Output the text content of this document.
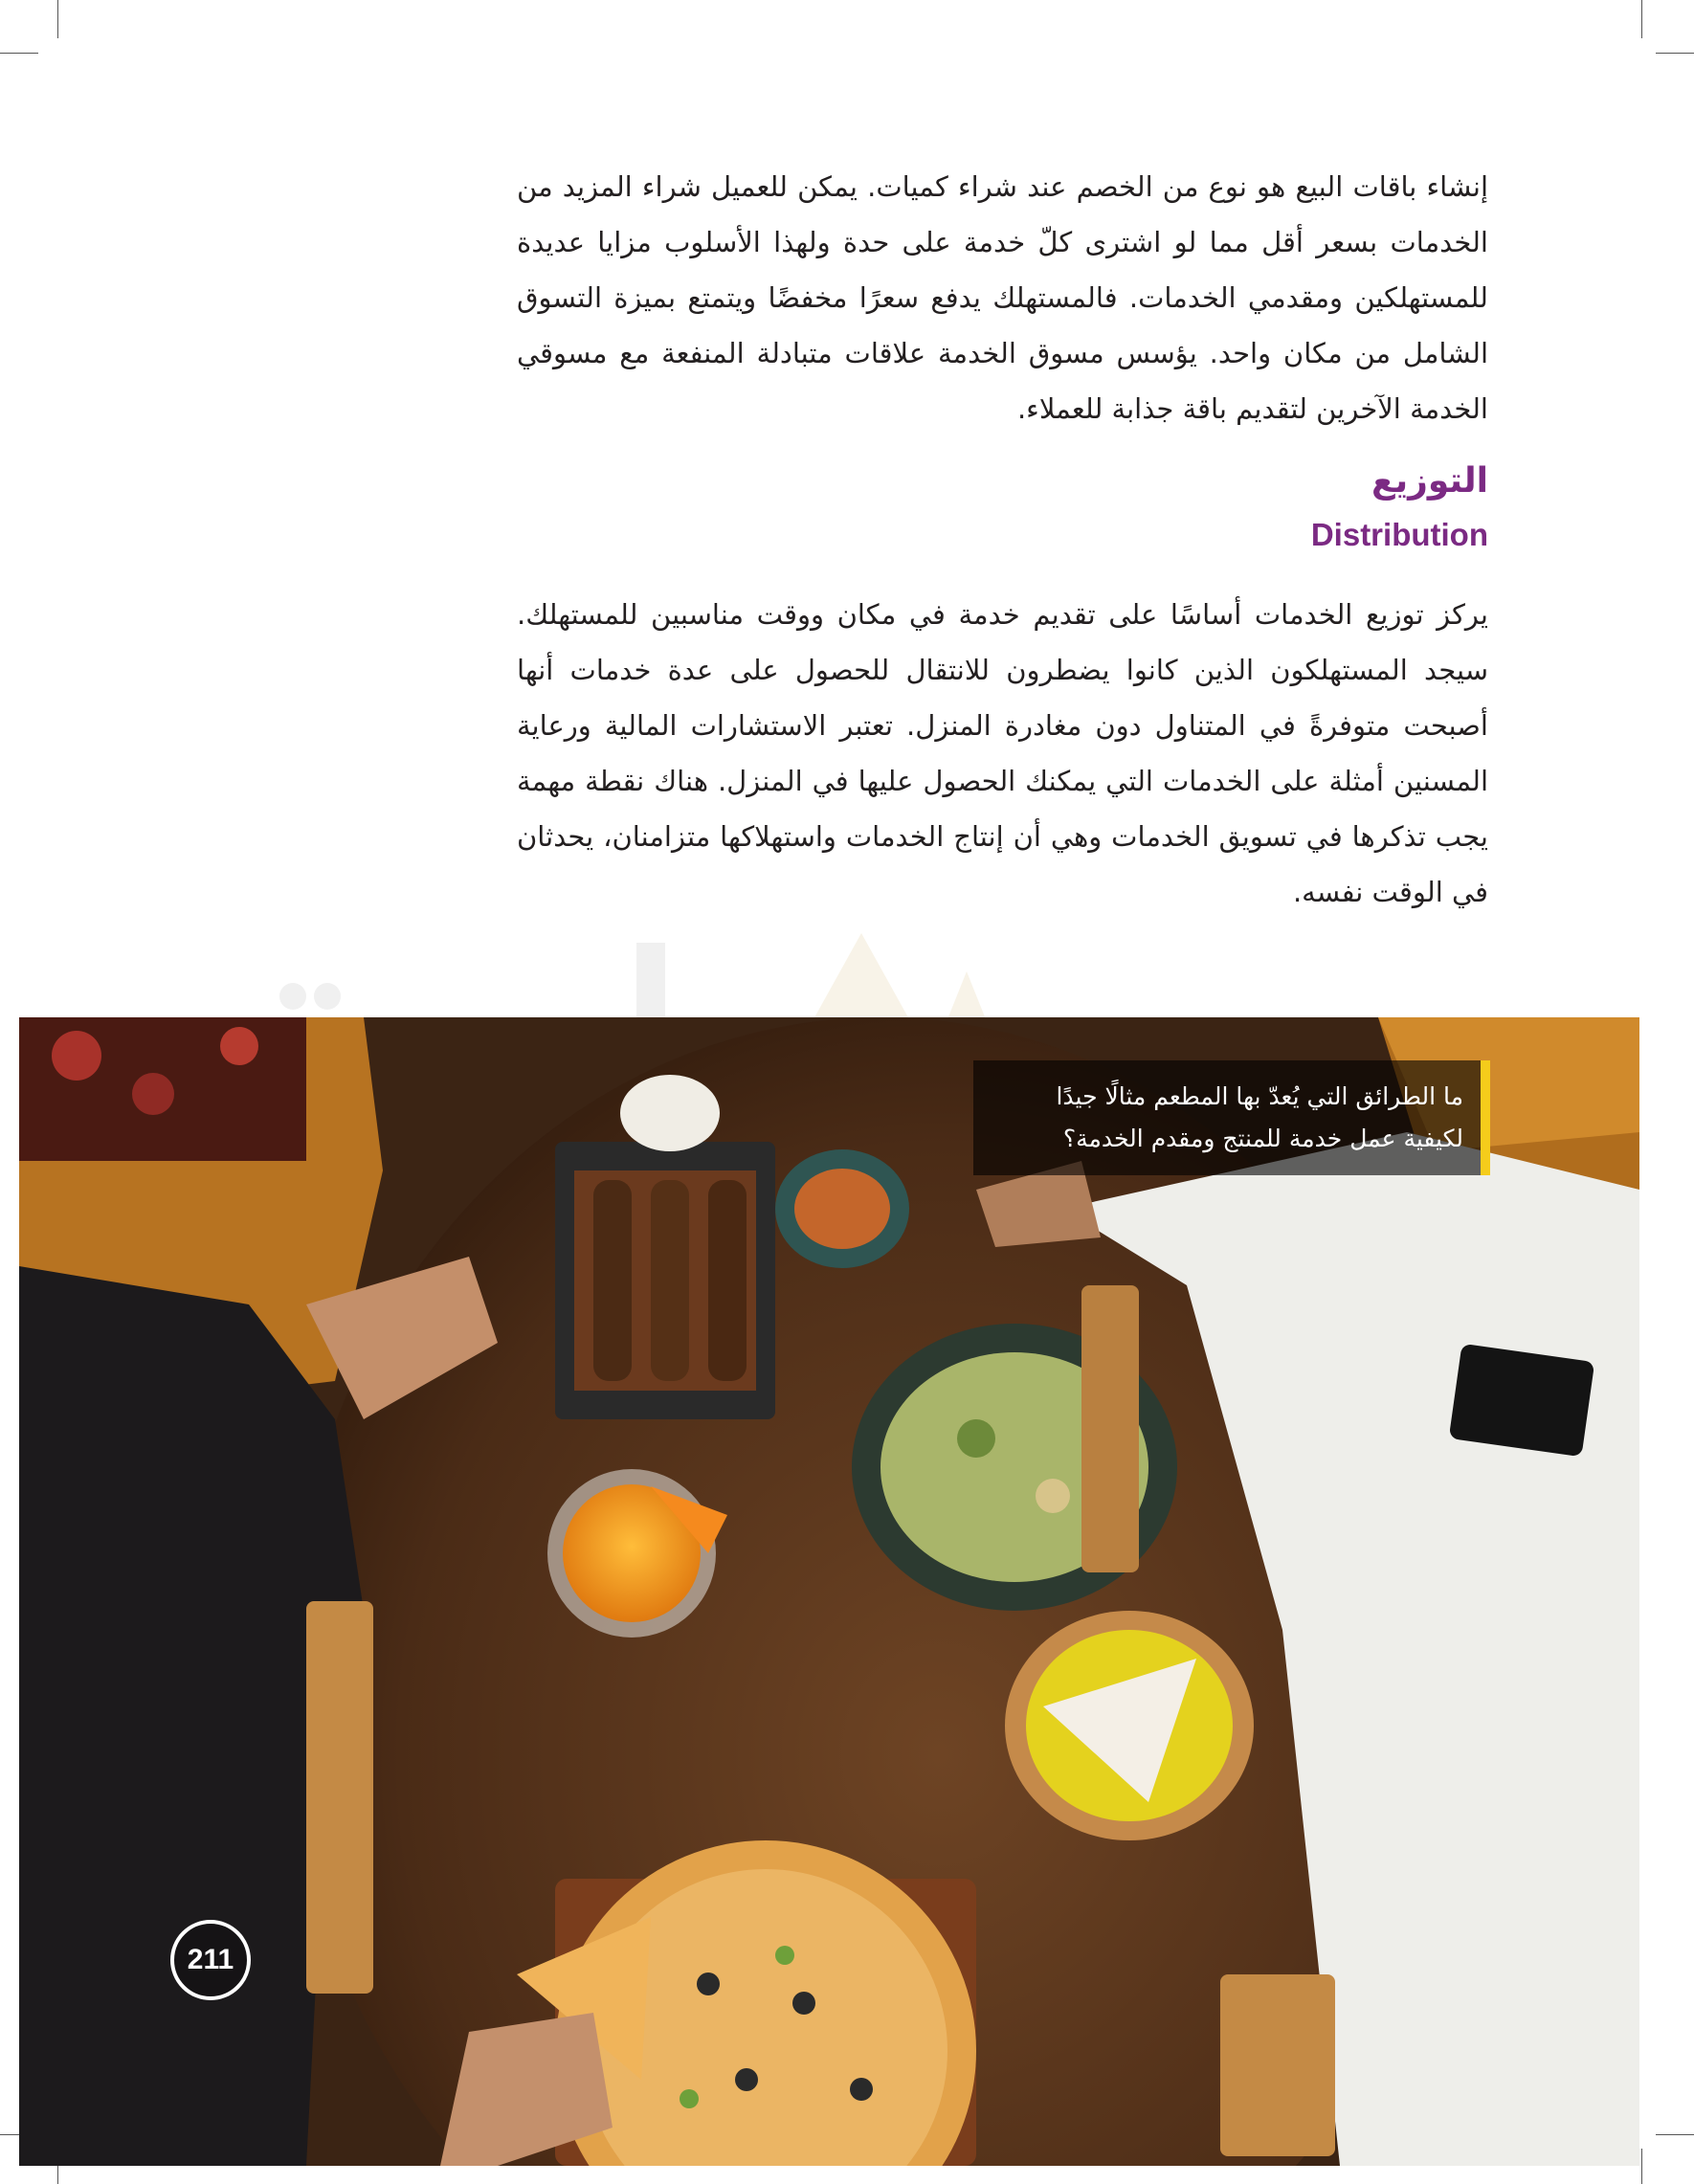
إنشاء باقات البيع هو نوع من الخصم عند شراء كميات. يمكن للعميل شراء المزيد من الخدمات بسعر أقل مما لو اشترى كلّ خدمة على حدة ولهذا الأسلوب مزايا عديدة للمستهلكين ومقدمي الخدمات. فالمستهلك يدفع سعرًا مخفضًا ويتمتع بميزة التسوق الشامل من مكان واحد. يؤسس مسوق الخدمة علاقات متبادلة المنفعة مع مسوقي الخدمة الآخرين لتقديم باقة جذابة للعملاء.

التوزيع
Distribution

يركز توزيع الخدمات أساسًا على تقديم خدمة في مكان ووقت مناسبين للمستهلك. سيجد المستهلكون الذين كانوا يضطرون للانتقال للحصول على عدة خدمات أنها أصبحت متوفرةً في المتناول دون مغادرة المنزل. تعتبر الاستشارات المالية ورعاية المسنين أمثلة على الخدمات التي يمكنك الحصول عليها في المنزل. هناك نقطة مهمة يجب تذكرها في تسويق الخدمات وهي أن إنتاج الخدمات واستهلاكها متزامنان، يحدثان في الوقت نفسه.

ما الطرائق التي يُعدّ بها المطعم مثالًا جيدًا
لكيفية عمل خدمة للمنتج ومقدم الخدمة؟
211
